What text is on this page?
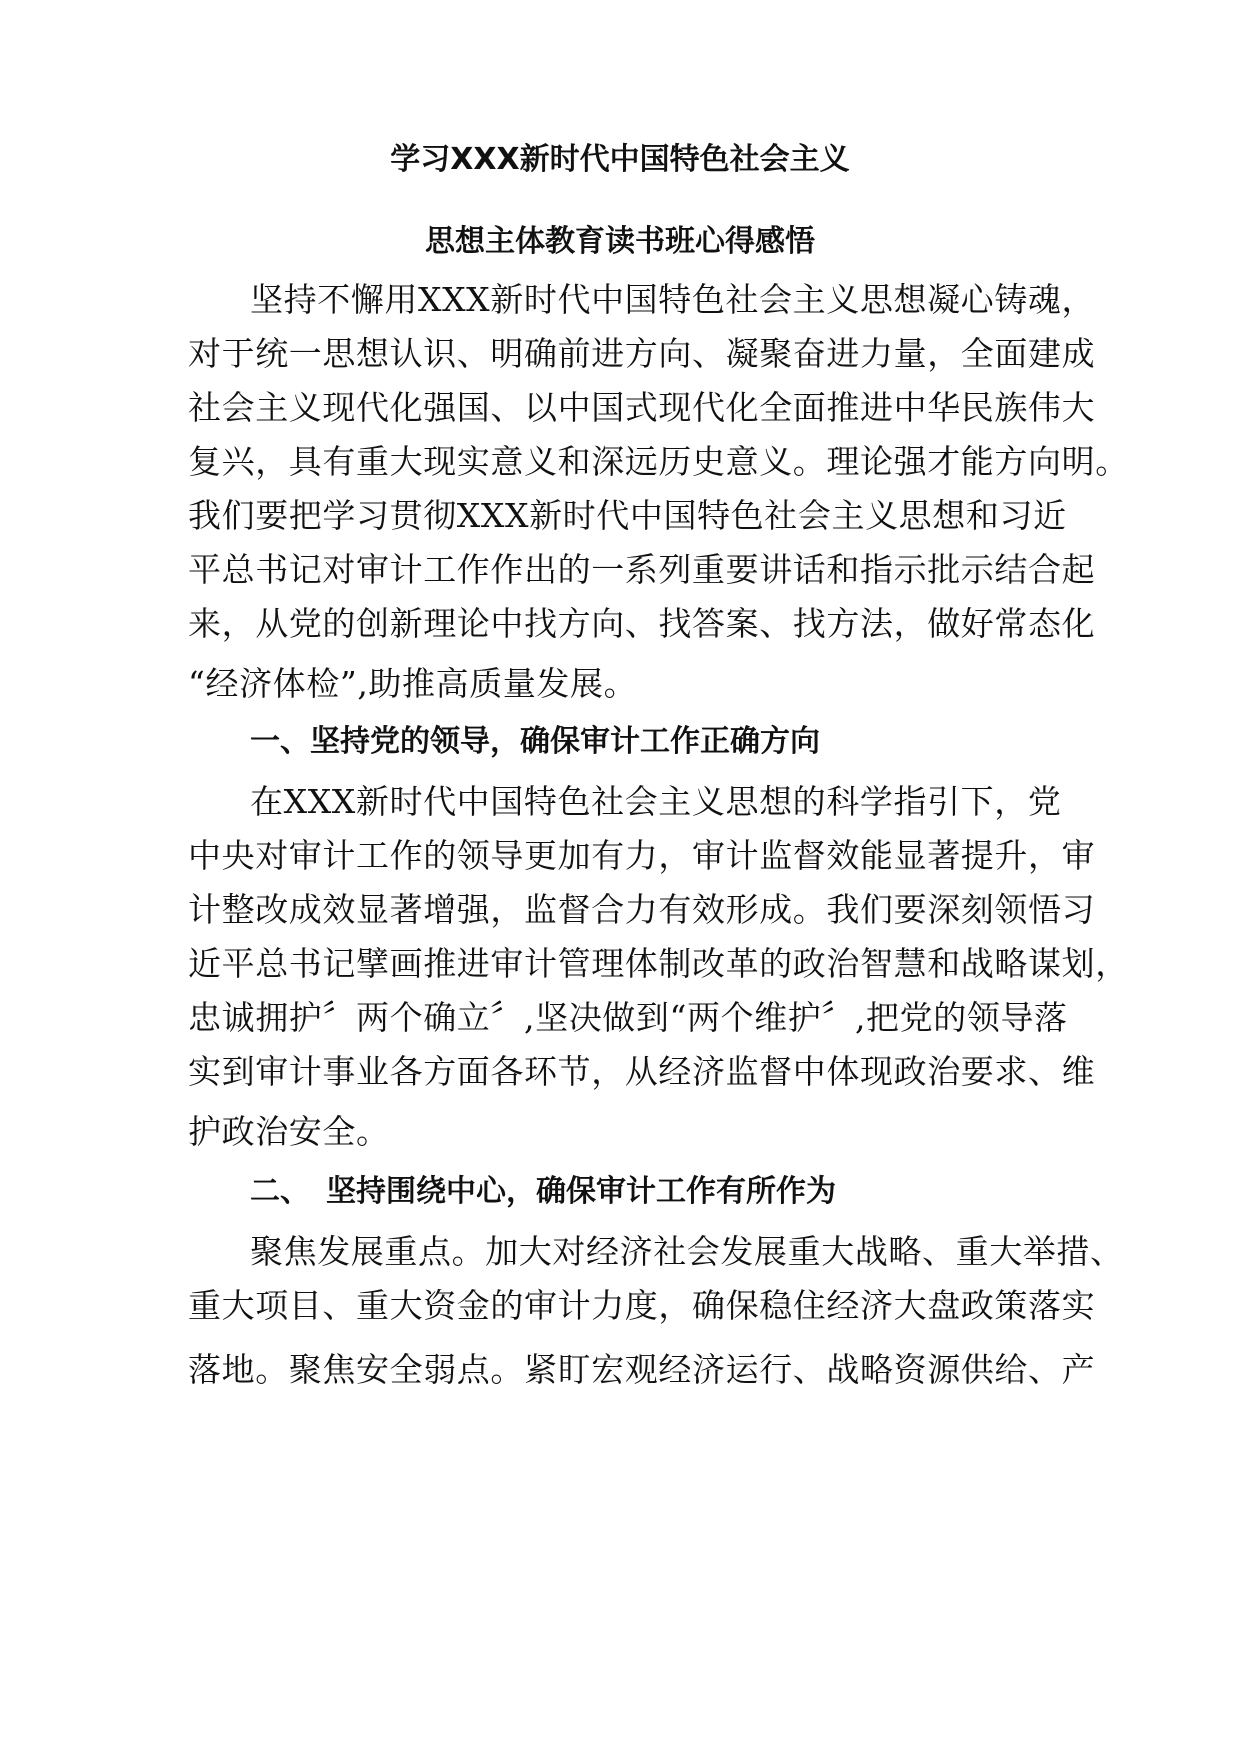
学习XXX新时代中国特色社会主义
思想主体教育读书班心得感悟
坚持不懈用XXX新时代中国特色社会主义思想凝心铸魂，
对于统一思想认识、明确前进方向、凝聚奋进力量，全面建成
社会主义现代化强国、以中国式现代化全面推进中华民族伟大
复兴，具有重大现实意义和深远历史意义。理论强才能方向明。
我们要把学习贯彻XXX新时代中国特色社会主义思想和习近
平总书记对审计工作作出的一系列重要讲话和指示批示结合起
来，从党的创新理论中找方向、找答案、找方法，做好常态化
“经济体检”,助推高质量发展。
一、坚持党的领导，确保审计工作正确方向
在XXX新时代中国特色社会主义思想的科学指引下，党
中央对审计工作的领导更加有力，审计监督效能显著提升，审
计整改成效显著增强，监督合力有效形成。我们要深刻领悟习
近平总书记擘画推进审计管理体制改革的政治智慧和战略谋划，
忠诚拥护〞两个确立〞,坚决做到“两个维护〞,把党的领导落
实到审计事业各方面各环节，从经济监督中体现政治要求、维
护政治安全。
二、 坚持围绕中心，确保审计工作有所作为
聚焦发展重点。加大对经济社会发展重大战略、重大举措、
重大项目、重大资金的审计力度，确保稳住经济大盘政策落实
落地。聚焦安全弱点。紧盯宏观经济运行、战略资源供给、产
